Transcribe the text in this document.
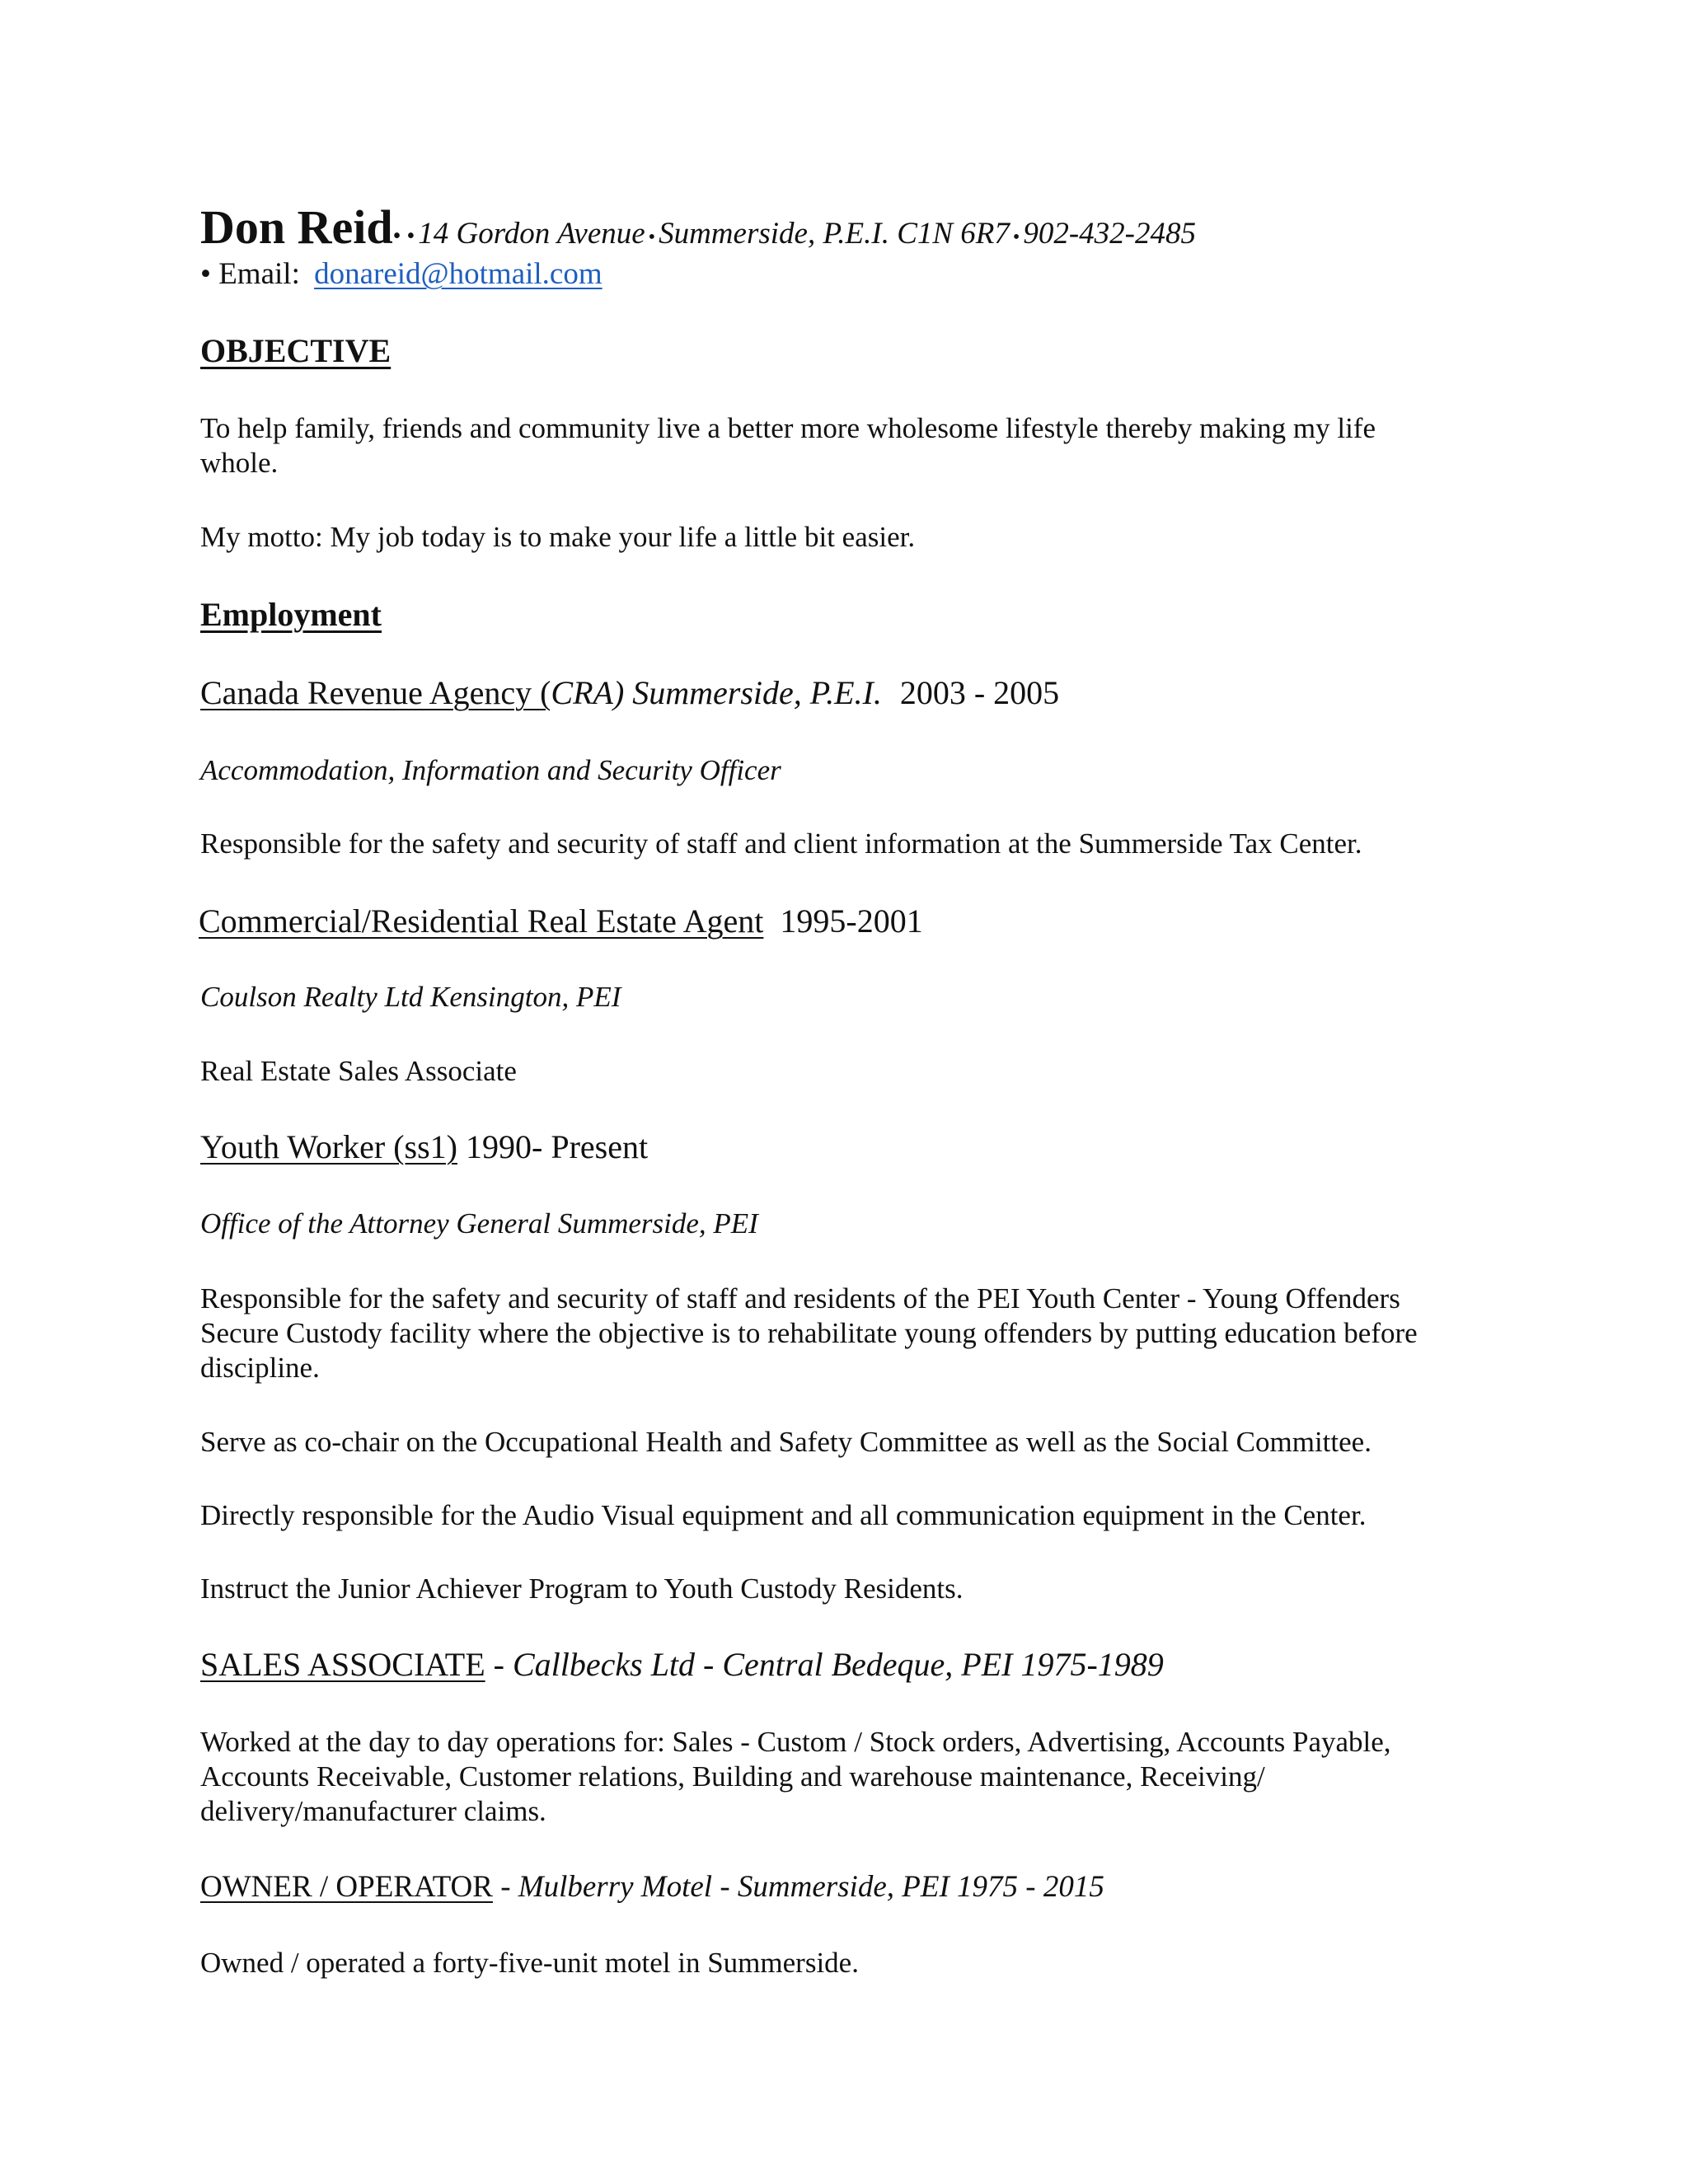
Don Reid• • 14 Gordon Avenue • Summerside, P.E.I. C1N 6R7 • 902-432-2485
• Email: donareid@hotmail.com
OBJECTIVE
To help family, friends and community live a better more wholesome lifestyle thereby making my life
whole.
My motto: My job today is to make your life a little bit easier.
Employment
Canada Revenue Agency (CRA) Summerside, P.E.I. 2003 - 2005
Accommodation, Information and Security Officer
Responsible for the safety and security of staff and client information at the Summerside Tax Center.
Commercial/Residential Real Estate Agent 1995-2001
Coulson Realty Ltd Kensington, PEI
Real Estate Sales Associate
Youth Worker (ss1) 1990- Present
Office of the Attorney General Summerside, PEI
Responsible for the safety and security of staff and residents of the PEI Youth Center - Young Offenders
Secure Custody facility where the objective is to rehabilitate young offenders by putting education before
discipline.
Serve as co-chair on the Occupational Health and Safety Committee as well as the Social Committee.
Directly responsible for the Audio Visual equipment and all communication equipment in the Center.
Instruct the Junior Achiever Program to Youth Custody Residents.
SALES ASSOCIATE - Callbecks Ltd - Central Bedeque, PEI 1975-1989
Worked at the day to day operations for: Sales - Custom / Stock orders, Advertising, Accounts Payable,
Accounts Receivable, Customer relations, Building and warehouse maintenance, Receiving/
delivery/manufacturer claims.
OWNER / OPERATOR - Mulberry Motel - Summerside, PEI 1975 - 2015
Owned / operated a forty-five-unit motel in Summerside.
